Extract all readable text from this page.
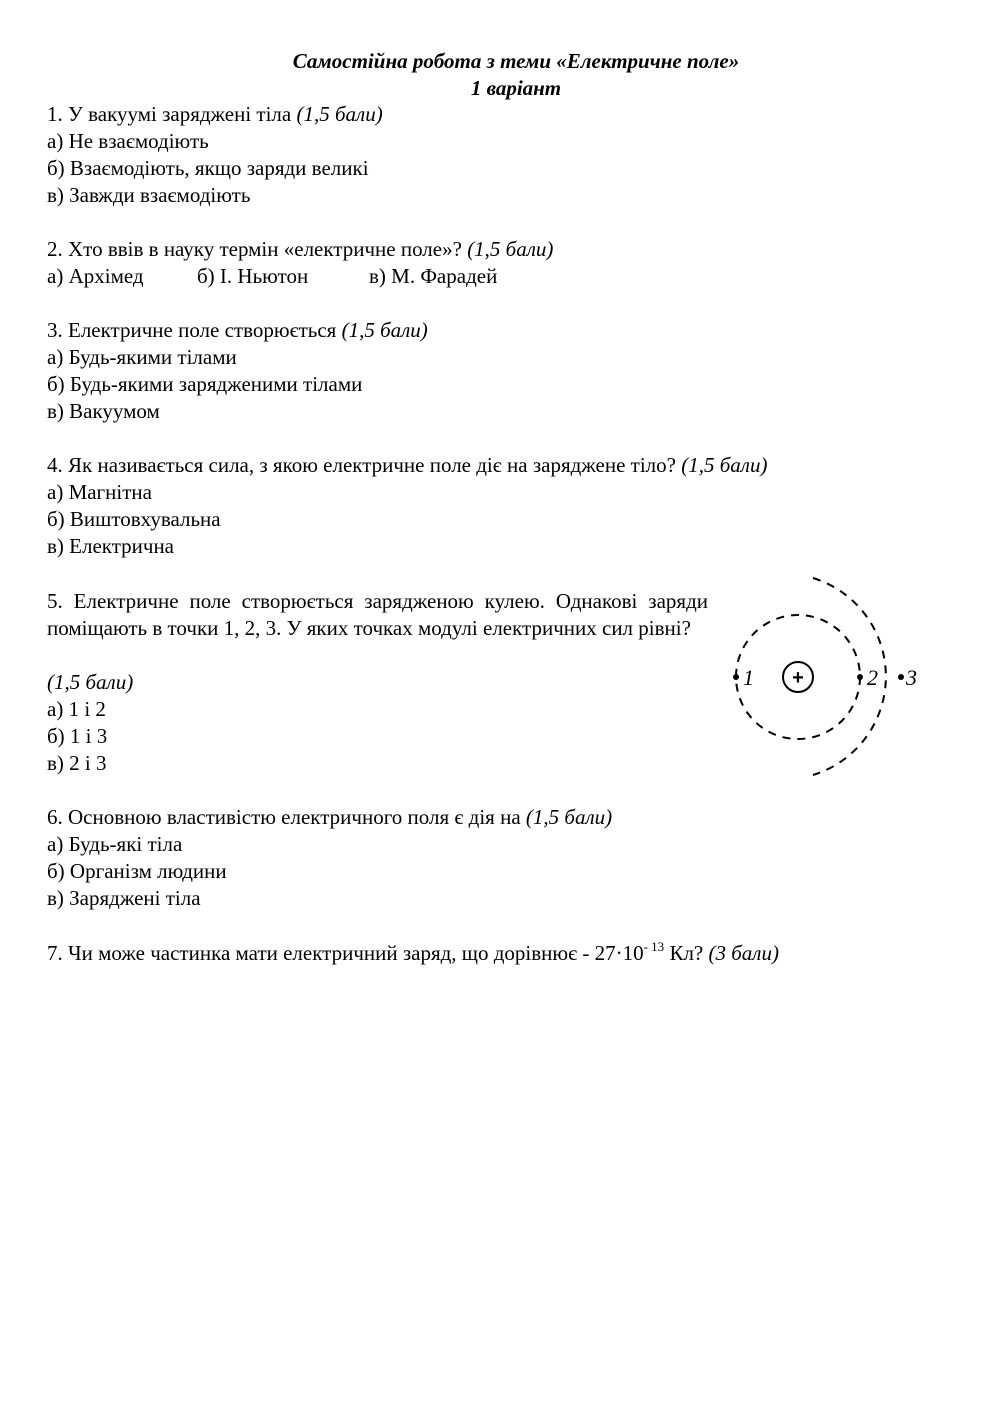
Самостійна робота з теми «Електричне поле»
1 варіант
1. У вакуумі заряджені тіла (1,5 бали)
а) Не взаємодіють
б) Взаємодіють, якщо заряди великі
в) Завжди взаємодіють
2. Хто ввів в науку термін «електричне поле»? (1,5 бали)
а) Архімед	б) І. Ньютон	в) М. Фарадей
3. Електричне поле створюється (1,5 бали)
а) Будь-якими тілами
б) Будь-якими зарядженими тілами
в) Вакуумом
4. Як називається сила, з якою електричне поле діє на заряджене тіло? (1,5 бали)
а) Магнітна
б) Виштовхувальна
в) Електрична
5. Електричне поле створюється зарядженою кулею. Однакові заряди поміщають в точки 1, 2, 3. У яких точках модулі електричних сил рівні?
(1,5 бали)
а) 1 і 2
б) 1 і 3
в) 2 і 3
+
1	2 3
6. Основною властивістю електричного поля є дія на (1,5 бали)
а) Будь-які тіла
б) Організм людини
в) Заряджені тіла
7. Чи може частинка мати електричний заряд, що дорівнює - $27\cdot 10^{- 13}$ Кл? (3 бали)
